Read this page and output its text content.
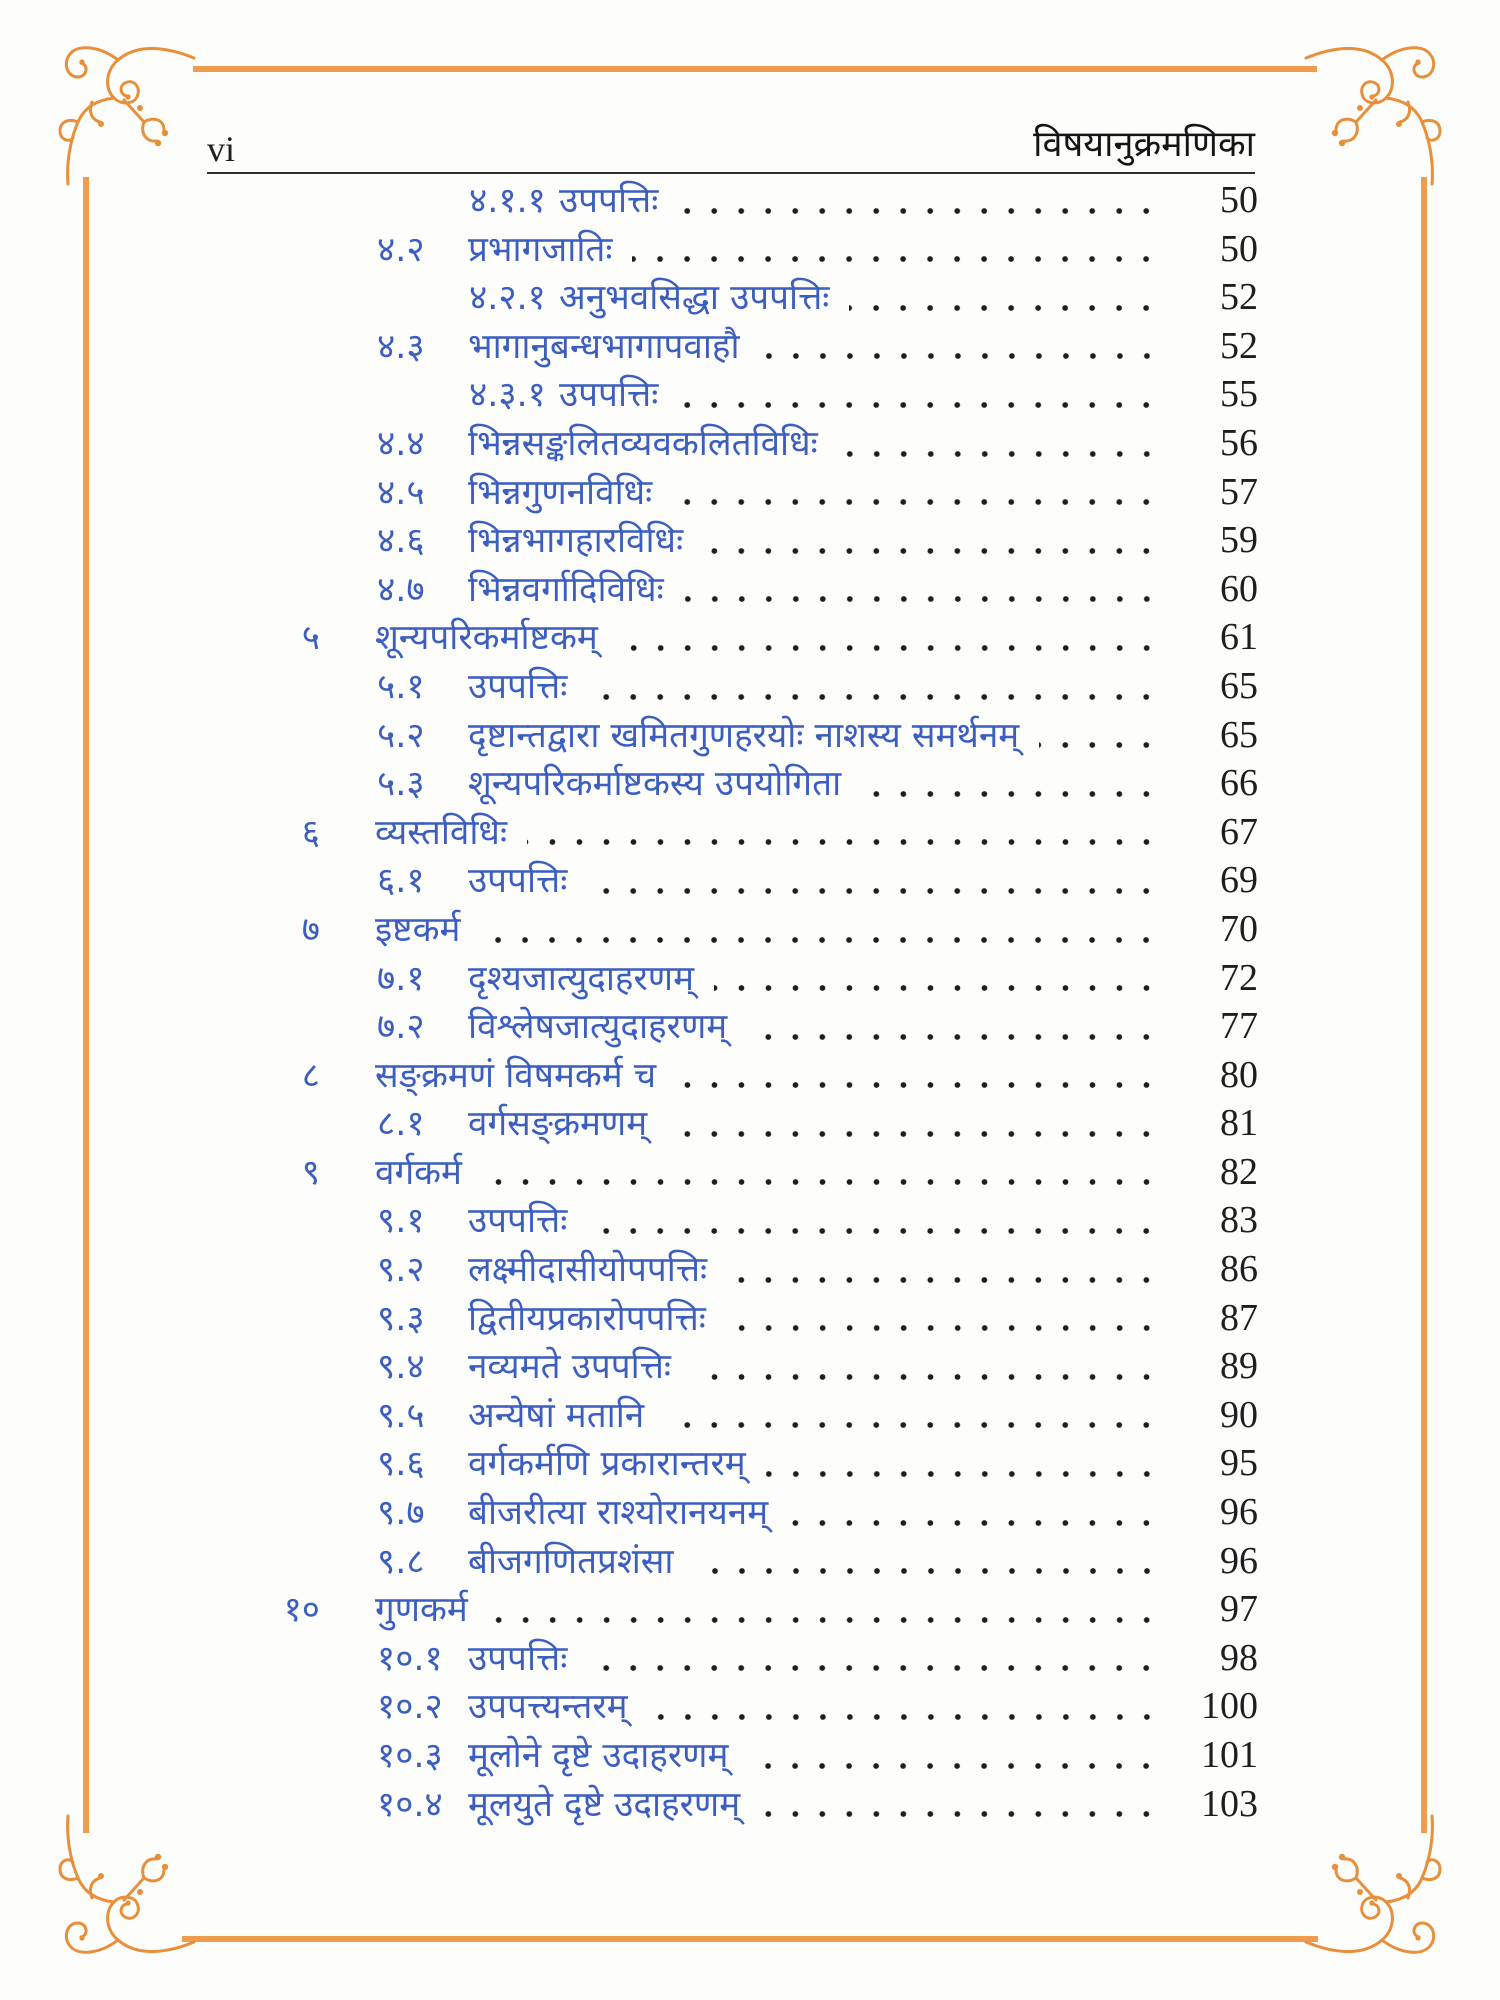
vi	विषयानुक्रमणिका
४.१.१ उपपत्तिः	50
४.२ प्रभागजातिः	50
४.२.१ अनुभवसिद्धा उपपत्तिः	52
४.३ भागानुबन्धभागापवाहौ	52
४.३.१ उपपत्तिः	55
४.४ भिन्नसङ्कलितव्यवकलितविधिः	56
४.५ भिन्नगुणनविधिः	57
४.६ भिन्नभागहारविधिः	59
४.७ भिन्नवर्गादिविधिः	60
५ शून्यपरिकर्माष्टकम्	61
५.१ उपपत्तिः	65
५.२ दृष्टान्तद्वारा खमितगुणहरयोः नाशस्य समर्थनम्	65
५.३ शून्यपरिकर्माष्टकस्य उपयोगिता	66
६ व्यस्तविधिः	67
६.१ उपपत्तिः	69
७ इष्टकर्म	70
७.१ दृश्यजात्युदाहरणम्	72
७.२ विश्लेषजात्युदाहरणम्	77
८ सङ्क्रमणं विषमकर्म च	80
८.१ वर्गसङ्क्रमणम्	81
९ वर्गकर्म	82
९.१ उपपत्तिः	83
९.२ लक्ष्मीदासीयोपपत्तिः	86
९.३ द्वितीयप्रकारोपपत्तिः	87
९.४ नव्यमते उपपत्तिः	89
९.५ अन्येषां मतानि	90
९.६ वर्गकर्मणि प्रकारान्तरम्	95
९.७ बीजरीत्या राश्योरानयनम्	96
९.८ बीजगणितप्रशंसा	96
१० गुणकर्म	97
१०.१ उपपत्तिः	98
१०.२ उपपत्त्यन्तरम्	100
१०.३ मूलोने दृष्टे उदाहरणम्	101
१०.४ मूलयुते दृष्टे उदाहरणम्	103
